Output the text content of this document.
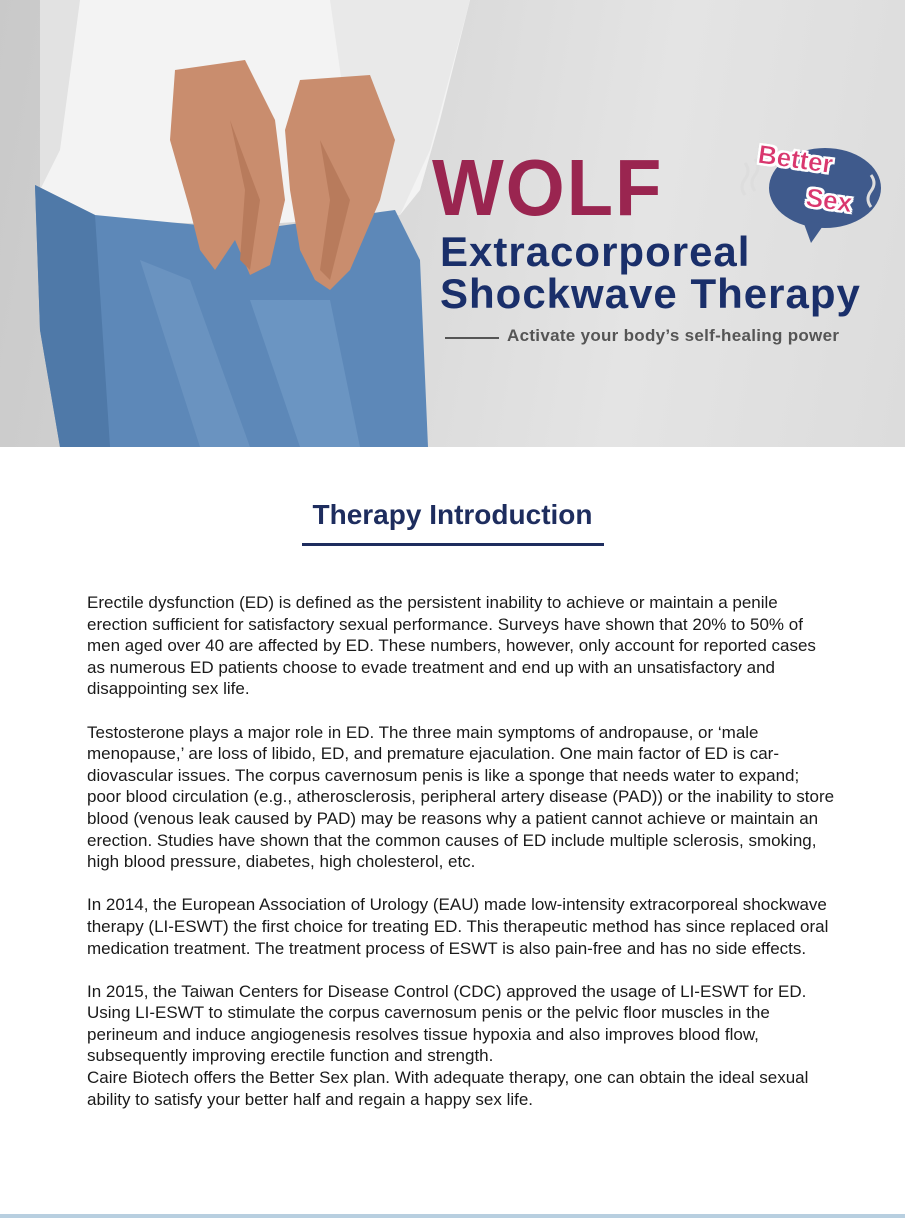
WOLF	Better
Sex
Extracorporeal
Shockwave Therapy
Activate your body’s self-healing power
Therapy Introduction

Erectile dysfunction (ED) is defined as the persistent inability to achieve or maintain a penile erection sufficient for satisfactory sexual performance. Surveys have shown that 20% to 50% of men aged over 40 are affected by ED. These numbers, however, only account for reported cases as numerous ED patients choose to evade treatment and end up with an unsatisfactory and disappointing sex life.

Testosterone plays a major role in ED. The three main symptoms of andropause, or ‘male menopause,’ are loss of libido, ED, and premature ejaculation. One main factor of ED is car-diovascular issues. The corpus cavernosum penis is like a sponge that needs water to expand; poor blood circulation (e.g., atherosclerosis, peripheral artery disease (PAD)) or the inability to store blood (venous leak caused by PAD) may be reasons why a patient cannot achieve or maintain an erection. Studies have shown that the common causes of ED include multiple sclerosis, smoking, high blood pressure, diabetes, high cholesterol, etc.

In 2014, the European Association of Urology (EAU) made low-intensity extracorporeal shockwave therapy (LI-ESWT) the first choice for treating ED. This therapeutic method has since replaced oral medication treatment. The treatment process of ESWT is also pain-free and has no side effects.

In 2015, the Taiwan Centers for Disease Control (CDC) approved the usage of LI-ESWT for ED. Using LI-ESWT to stimulate the corpus cavernosum penis or the pelvic floor muscles in the perineum and induce angiogenesis resolves tissue hypoxia and also improves blood flow, subsequently improving erectile function and strength.

Caire Biotech offers the Better Sex plan. With adequate therapy, one can obtain the ideal sexual ability to satisfy your better half and regain a happy sex life.
